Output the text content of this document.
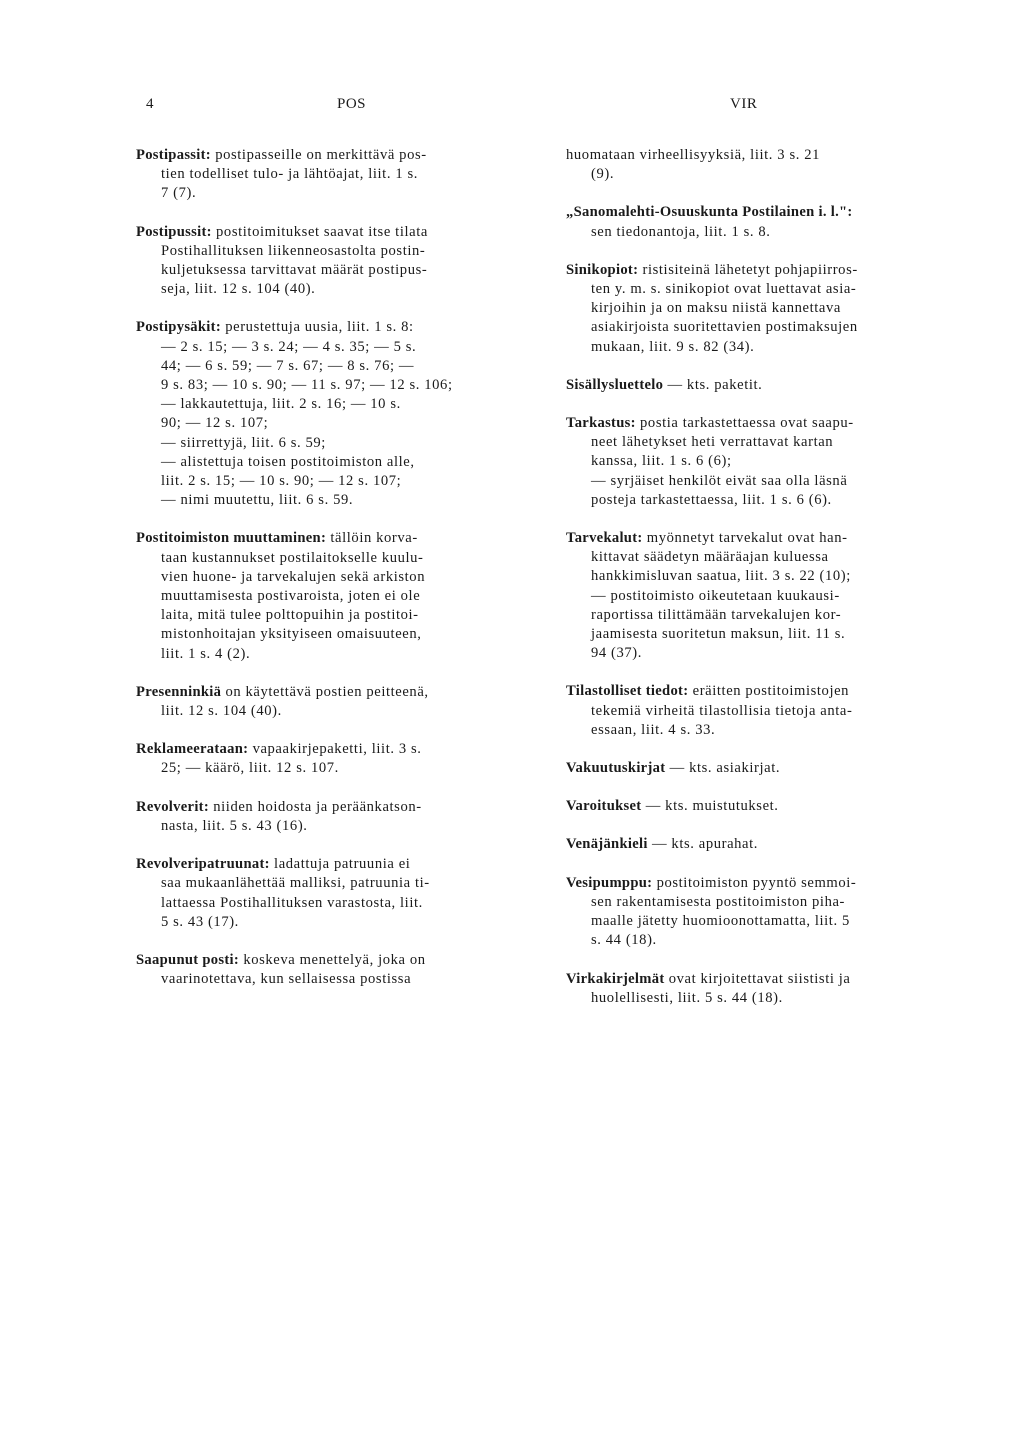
4	POS	VIR
Postipassit: postipasseille on merkittävä pos-
tien todelliset tulo- ja lähtöajat, liit. 1 s.
7 (7).
Postipussit: postitoimitukset saavat itse tilata
Postihallituksen liikenneosastolta postin-
kuljetuksessa tarvittavat määrät postipus-
seja, liit. 12 s. 104 (40).
Postipysäkit: perustettuja uusia, liit. 1 s. 8:
— 2 s. 15; — 3 s. 24; — 4 s. 35; — 5 s.
44; — 6 s. 59; — 7 s. 67; — 8 s. 76; —
9 s. 83; — 10 s. 90; — 11 s. 97; — 12 s. 106;
— lakkautettuja, liit. 2 s. 16; — 10 s.
90; — 12 s. 107;
— siirrettyjä, liit. 6 s. 59;
— alistettuja toisen postitoimiston alle,
liit. 2 s. 15; — 10 s. 90; — 12 s. 107;
— nimi muutettu, liit. 6 s. 59.
Postitoimiston muuttaminen: tällöin korva-
taan kustannukset postilaitokselle kuulu-
vien huone- ja tarvekalujen sekä arkiston
muuttamisesta postivaroista, joten ei ole
laita, mitä tulee polttopuihin ja postitoi-
mistonhoitajan yksityiseen omaisuuteen,
liit. 1 s. 4 (2).
Presenninkiä on käytettävä postien peitteenä,
liit. 12 s. 104 (40).
Reklameerataan: vapaakirjepaketti, liit. 3 s.
25; — käärö, liit. 12 s. 107.
Revolverit: niiden hoidosta ja peräänkatson-
nasta, liit. 5 s. 43 (16).
Revolveripatruunat: ladattuja patruunia ei
saa mukaanlähettää malliksi, patruunia ti-
lattaessa Postihallituksen varastosta, liit.
5 s. 43 (17).
Saapunut posti: koskeva menettelyä, joka on
vaarinotettava, kun sellaisessa postissa
huomataan virheellisyyksiä, liit. 3 s. 21
(9).
„Sanomalehti-Osuuskunta Postilainen i. l.":
sen tiedonantoja, liit. 1 s. 8.
Sinikopiot: ristisiteinä lähetetyt pohjapiirros-
ten y. m. s. sinikopiot ovat luettavat asia-
kirjoihin ja on maksu niistä kannettava
asiakirjoista suoritettavien postimaksujen
mukaan, liit. 9 s. 82 (34).
Sisällysluettelo — kts. paketit.
Tarkastus: postia tarkastettaessa ovat saapu-
neet lähetykset heti verrattavat kartan
kanssa, liit. 1 s. 6 (6);
— syrjäiset henkilöt eivät saa olla läsnä
posteja tarkastettaessa, liit. 1 s. 6 (6).
Tarvekalut: myönnetyt tarvekalut ovat han-
kittavat säädetyn määräajan kuluessa
hankkimisluvan saatua, liit. 3 s. 22 (10);
— postitoimisto oikeutetaan kuukausi-
raportissa tilittämään tarvekalujen kor-
jaamisesta suoritetun maksun, liit. 11 s.
94 (37).
Tilastolliset tiedot: eräitten postitoimistojen
tekemiä virheitä tilastollisia tietoja anta-
essaan, liit. 4 s. 33.
Vakuutuskirjat — kts. asiakirjat.
Varoitukset — kts. muistutukset.
Venäjänkieli — kts. apurahat.
Vesipumppu: postitoimiston pyyntö semmoi-
sen rakentamisesta postitoimiston piha-
maalle jätetty huomioonottamatta, liit. 5
s. 44 (18).
Virkakirjelmät ovat kirjoitettavat siististi ja
huolellisesti, liit. 5 s. 44 (18).
